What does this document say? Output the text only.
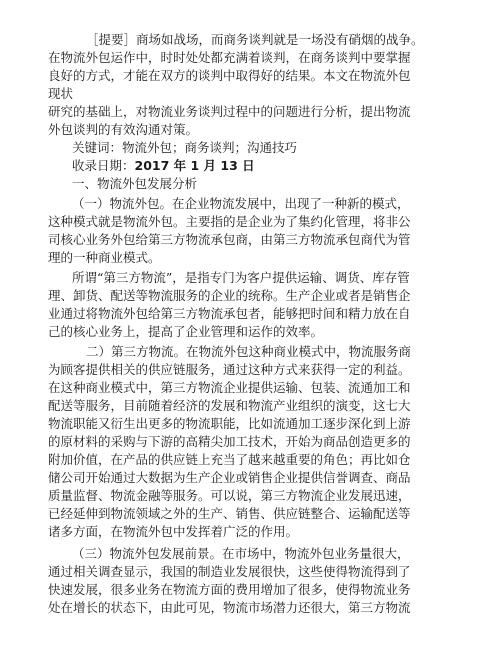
［提要］商场如战场，而商务谈判就是一场没有硝烟的战争。
在物流外包运作中，时时处处都充满着谈判，在商务谈判中要掌握
良好的方式，才能在双方的谈判中取得好的结果。本文在物流外包
现状
研究的基础上，对物流业务谈判过程中的问题进行分析，提出物流
外包谈判的有效沟通对策。
关键词：物流外包；商务谈判；沟通技巧
收录日期：2017 年 1 月 13 日
一、物流外包发展分析
（一）物流外包。在企业物流发展中，出现了一种新的模式，
这种模式就是物流外包。主要指的是企业为了集约化管理，将非公
司核心业务外包给第三方物流承包商，由第三方物流承包商代为管
理的一种商业模式。
所谓“第三方物流”，是指专门为客户提供运输、调货、库存管
理、卸货、配送等物流服务的企业的统称。生产企业或者是销售企
业通过将物流外包给第三方物流承包者，能够把时间和精力放在自
己的核心业务上，提高了企业管理和运作的效率。
二）第三方物流。在物流外包这种商业模式中，物流服务商
为顾客提供相关的供应链服务，通过这种方式来获得一定的利益。
在这种商业模式中，第三方物流企业提供运输、包装、流通加工和
配送等服务，目前随着经济的发展和物流产业组织的演变，这七大
物流职能又衍生出更多的物流职能，比如流通加工逐步深化到上游
的原材料的采购与下游的高精尖加工技术，开始为商品创造更多的
附加价值，在产品的供应链上充当了越来越重要的角色；再比如仓
储公司开始通过大数据为生产企业或销售企业提供信誉调查、商品
质量监督、物流金融等服务。可以说，第三方物流企业发展迅速，
已经延伸到物流领域之外的生产、销售、供应链整合、运输配送等
诸多方面，在物流外包中发挥着广泛的作用。
（三）物流外包发展前景。在市场中，物流外包业务量很大，
通过相关调查显示，我国的制造业发展很快，这些使得物流得到了
快速发展，很多业务在物流方面的费用增加了很多，使得物流业务
处在增长的状态下，由此可见，物流市场潜力还很大，第三方物流
